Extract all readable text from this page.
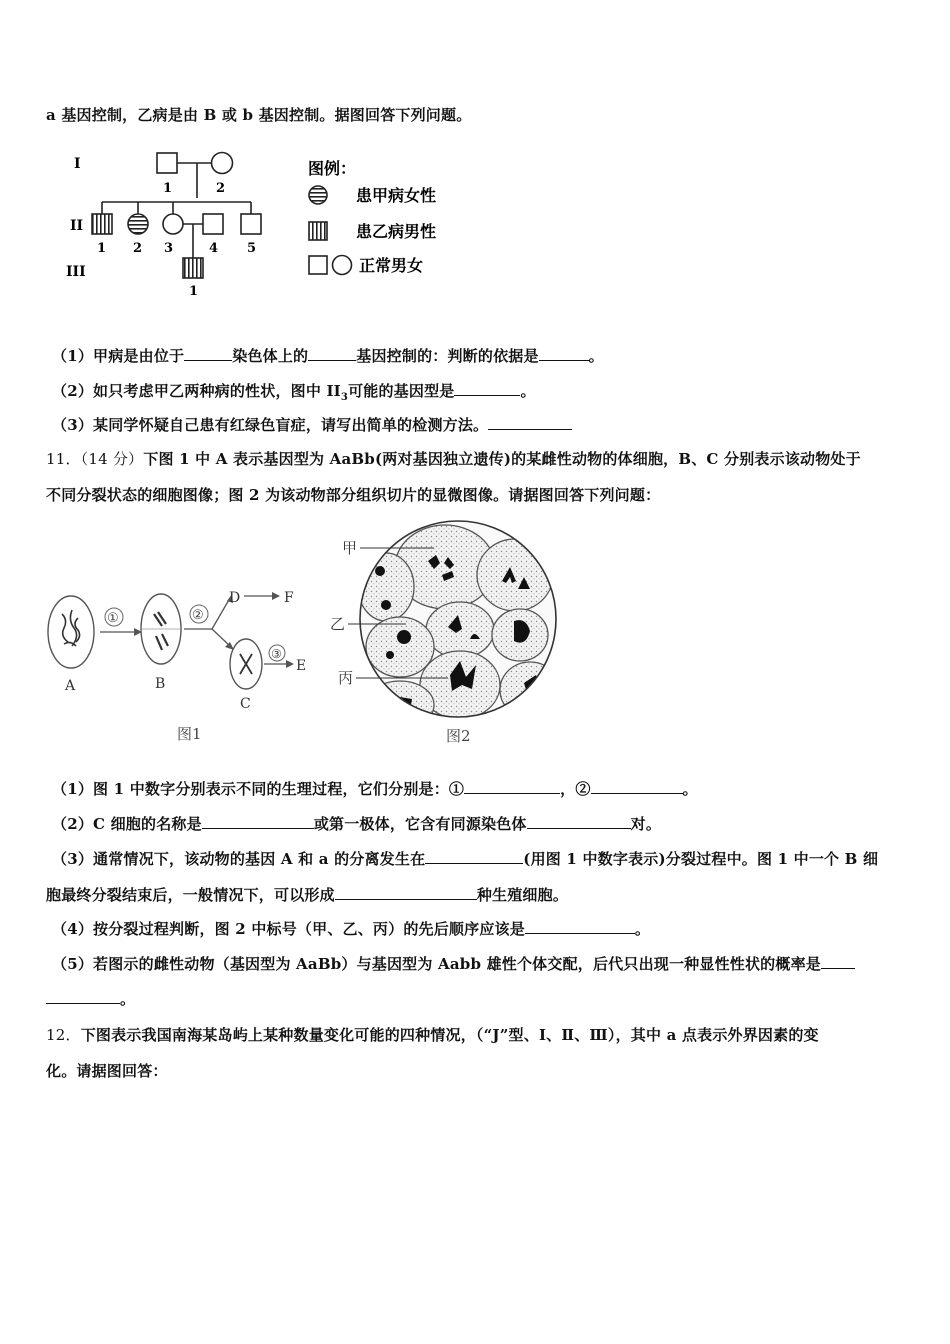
a 基因控制，乙病是由 B 或 b 基因控制。据图回答下列问题。
I
II
III
1	2
1 2 3	4 5
1
图例：
患甲病女性
患乙病男性
正常男女
（1）甲病是由位于	染色体上的	基因控制的：判断的依据是	。
（2）如只考虑甲乙两种病的性状，图中 $II_3$可能的基因型是	。
（3）某同学怀疑自己患有红绿色盲症，请写出简单的检测方法。
11．（14 分）下图 1 中 A 表示基因型为 AaBb(两对基因独立遗传)的某雌性动物的体细胞，B、C 分别表示该动物处于
不同分裂状态的细胞图像；图 2 为该动物部分组织切片的显微图像。请据图回答下列问题：
A
①
B
②
D	F
C
③
E
图1
甲
乙
丙
图2
（1）图 1 中数字分别表示不同的生理过程，它们分别是：①	，②	。
（2）C 细胞的名称是	或第一极体，它含有同源染色体	对。
（3）通常情况下，该动物的基因 A 和 a 的分离发生在	(用图 1 中数字表示)分裂过程中。图 1 中一个 B 细
胞最终分裂结束后，一般情况下，可以形成	种生殖细胞。
（4）按分裂过程判断，图 2 中标号（甲、乙、丙）的先后顺序应该是	。
（5）若图示的雌性动物（基因型为 AaBb）与基因型为 Aabb 雄性个体交配，后代只出现一种显性性状的概率是
。
12．下图表示我国南海某岛屿上某种数量变化可能的四种情况，（“J”型、Ⅰ、Ⅱ、Ⅲ），其中 a 点表示外界因素的变
化。请据图回答：
